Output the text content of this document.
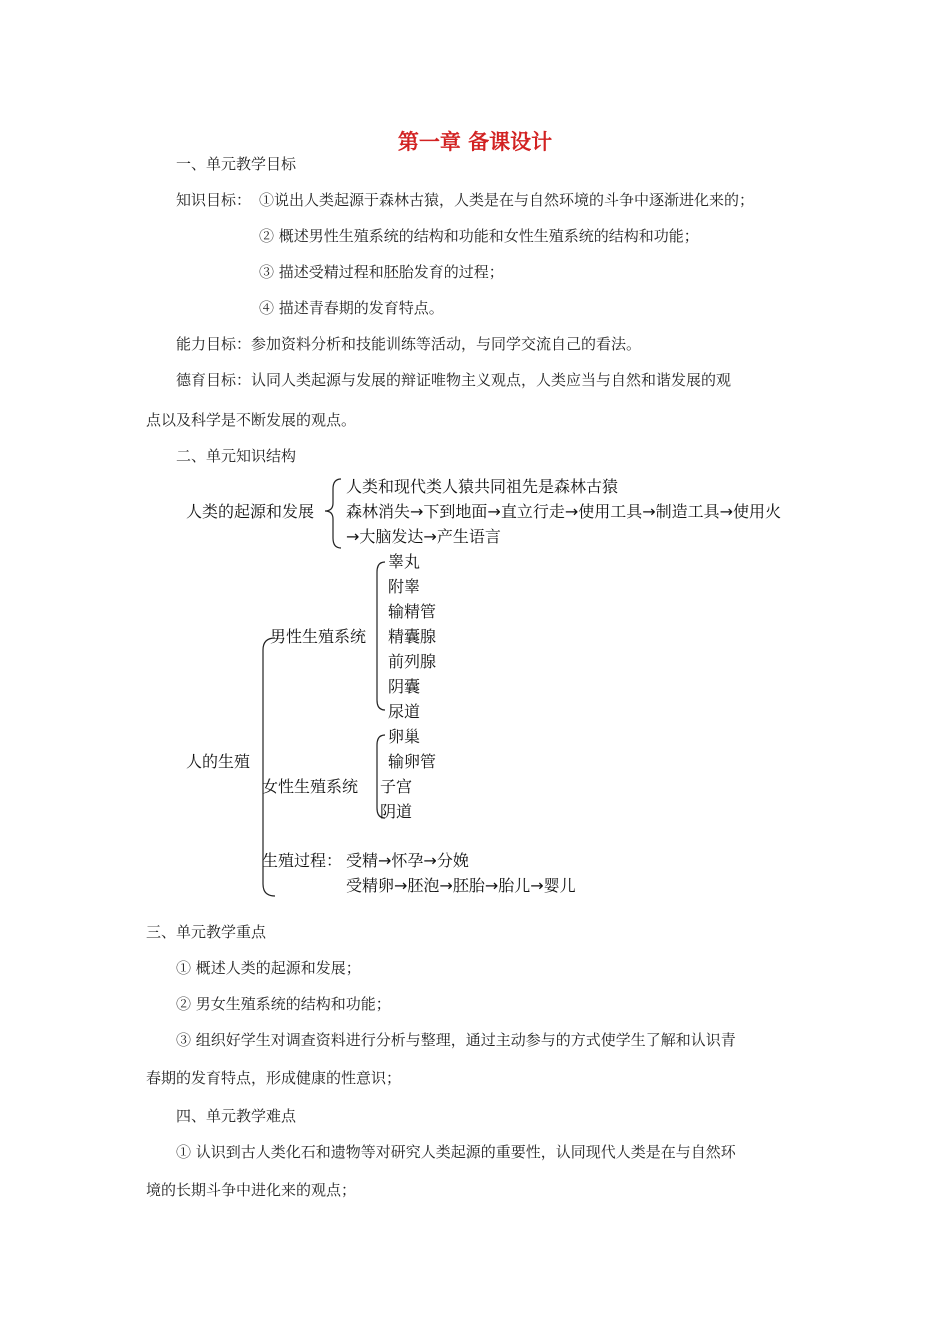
第一章 备课设计
一、单元教学目标
知识目标： ①说出人类起源于森林古猿，人类是在与自然环境的斗争中逐渐进化来的；
② 概述男性生殖系统的结构和功能和女性生殖系统的结构和功能；
③ 描述受精过程和胚胎发育的过程；
④ 描述青春期的发育特点。
能力目标：参加资料分析和技能训练等活动，与同学交流自己的看法。
德育目标：认同人类起源与发展的辩证唯物主义观点，人类应当与自然和谐发展的观
点以及科学是不断发展的观点。
二、单元知识结构
人类的起源和发展
人类和现代类人猿共同祖先是森林古猿
森林消失→下到地面→直立行走→使用工具→制造工具→使用火
→大脑发达→产生语言
人的生殖
男性生殖系统
睾丸
附睾
输精管
精囊腺
前列腺
阴囊
尿道
女性生殖系统
卵巢
输卵管
子宫
阴道
生殖过程： 受精→怀孕→分娩
受精卵→胚泡→胚胎→胎儿→婴儿
三、单元教学重点
① 概述人类的起源和发展；
② 男女生殖系统的结构和功能；
③ 组织好学生对调查资料进行分析与整理，通过主动参与的方式使学生了解和认识青
春期的发育特点，形成健康的性意识；
四、单元教学难点
① 认识到古人类化石和遗物等对研究人类起源的重要性，认同现代人类是在与自然环
境的长期斗争中进化来的观点；
